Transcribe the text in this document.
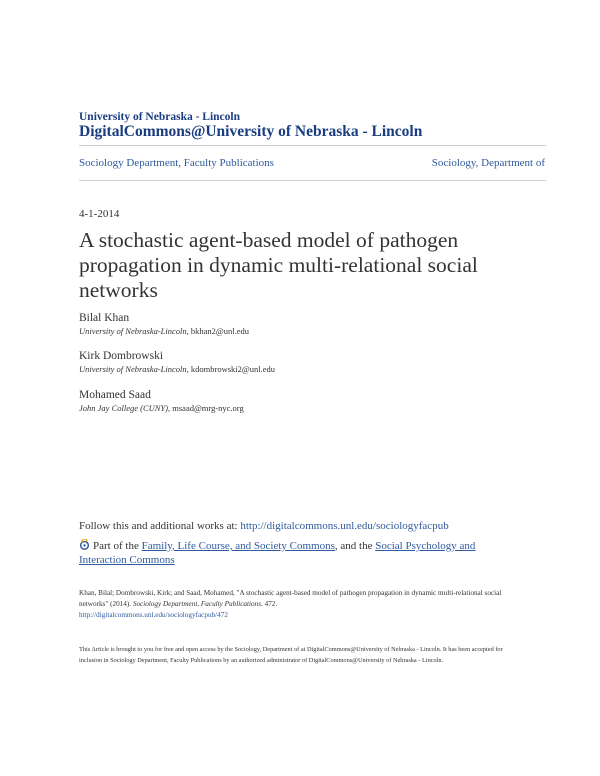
University of Nebraska - Lincoln
DigitalCommons@University of Nebraska - Lincoln
Sociology Department, Faculty Publications	Sociology, Department of
4-1-2014
A stochastic agent-based model of pathogen propagation in dynamic multi-relational social networks
Bilal Khan
University of Nebraska-Lincoln, bkhan2@unl.edu
Kirk Dombrowski
University of Nebraska-Lincoln, kdombrowski2@unl.edu
Mohamed Saad
John Jay College (CUNY), msaad@mrg-nyc.org
Follow this and additional works at: http://digitalcommons.unl.edu/sociologyfacpub
Part of the Family, Life Course, and Society Commons, and the Social Psychology and Interaction Commons
Khan, Bilal; Dombrowski, Kirk; and Saad, Mohamed, "A stochastic agent-based model of pathogen propagation in dynamic multi-relational social networks" (2014). Sociology Department, Faculty Publications. 472.
http://digitalcommons.unl.edu/sociologyfacpub/472
This Article is brought to you for free and open access by the Sociology, Department of at DigitalCommons@University of Nebraska - Lincoln. It has been accepted for inclusion in Sociology Department, Faculty Publications by an authorized administrator of DigitalCommons@University of Nebraska - Lincoln.
